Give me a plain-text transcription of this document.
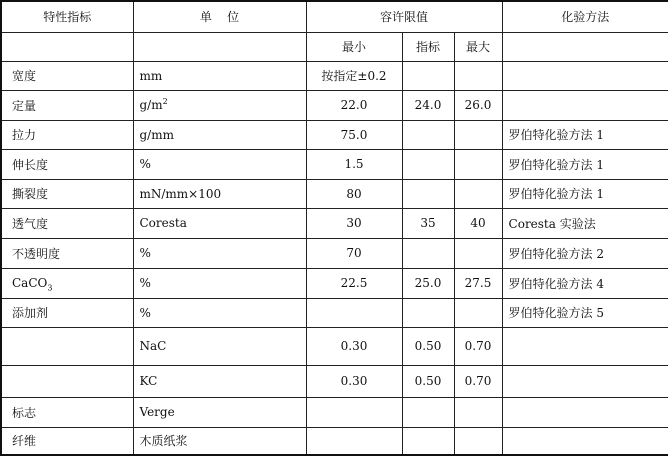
特性指标	单    位	容许限值			化验方法
		最小	指标	最大	
宽度	mm	按指定±0.2			
定量	$g/m^2$	22.0	24.0	26.0	
拉力	g/mm	75.0			罗伯特化验方法 1
伸长度	%	1.5			罗伯特化验方法 1
撕裂度	mN/mm×100	80			罗伯特化验方法 1
透气度	Coresta	30	35	40	Coresta 实验法
不透明度	%	70			罗伯特化验方法 2
CaCO$_3$	%	22.5	25.0	27.5	罗伯特化验方法 4
添加剂	%				罗伯特化验方法 5
	NaC	0.30	0.50	0.70	
	KC	0.30	0.50	0.70	
标志	Verge				
纤维	木质纸浆				
